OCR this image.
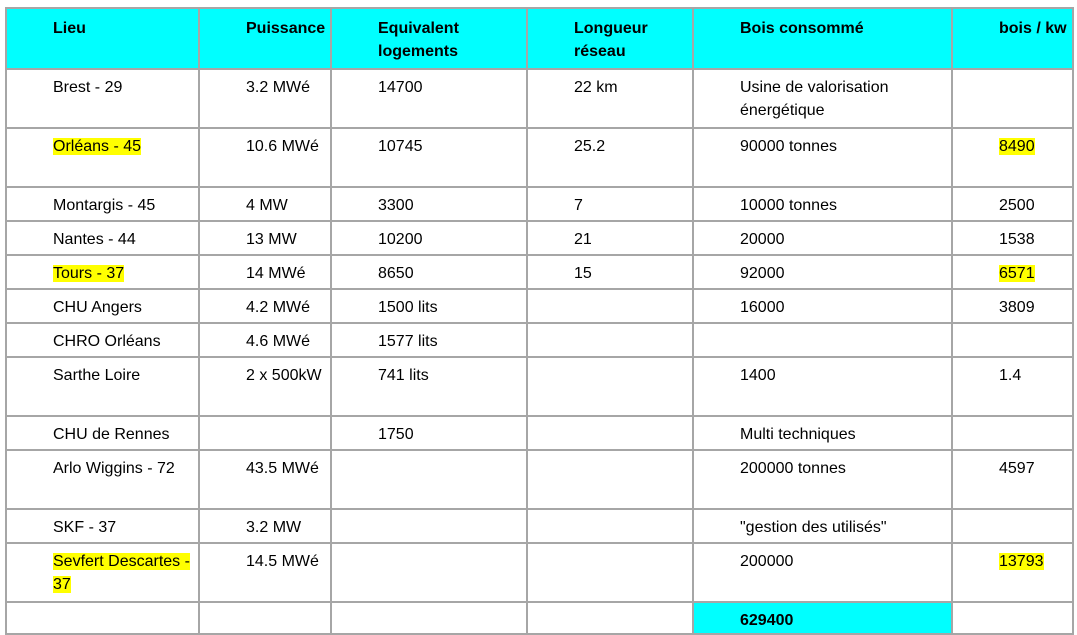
Lieu	Puissance	Equivalent logements	Longueur réseau	Bois consommé	bois / kw
Brest - 29	3.2 MWé	14700	22 km	Usine de valorisation énergétique	
Orléans - 45	10.6 MWé	10745	25.2	90000 tonnes	8490
Montargis - 45	4 MW	3300	7	10000 tonnes	2500
Nantes - 44	13 MW	10200	21	20000	1538
Tours - 37	14 MWé	8650	15	92000	6571
CHU Angers	4.2 MWé	1500 lits		16000	3809
CHRO Orléans	4.6 MWé	1577 lits			
Sarthe Loire	2 x 500kW	741 lits		1400	1.4
CHU de Rennes		1750		Multi techniques	
Arlo Wiggins - 72	43.5 MWé			200000 tonnes	4597
SKF - 37	3.2 MW			"gestion des utilisés"	
Sevfert Descartes - 37	14.5 MWé			200000	13793
				629400	
